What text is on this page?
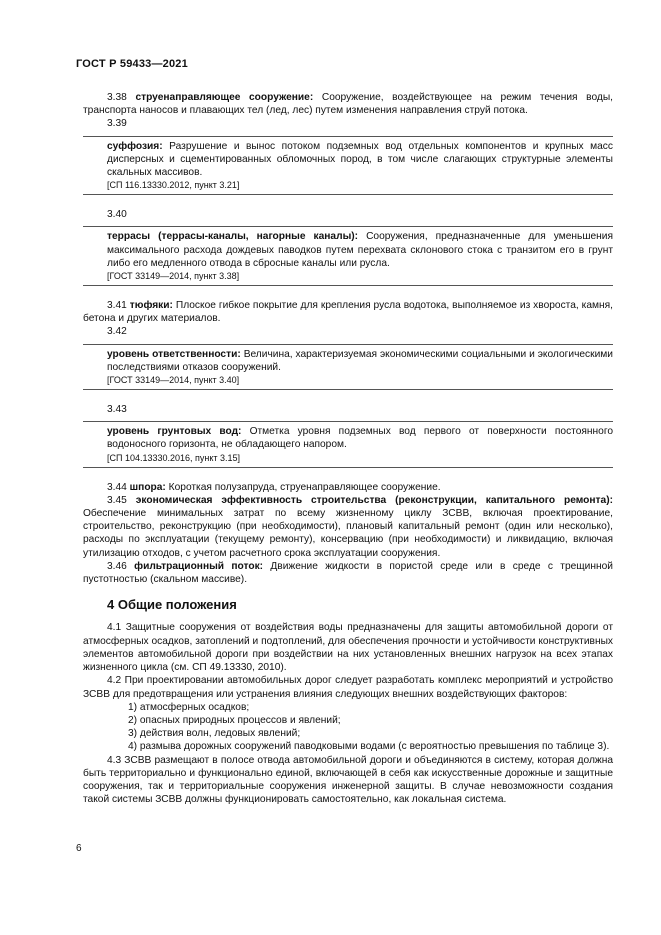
ГОСТ Р 59433—2021

3.38 струенаправляющее сооружение: Сооружение, воздействующее на режим течения воды, транспорта наносов и плавающих тел (лед, лес) путем изменения направления струй потока.

3.39

суффозия: Разрушение и вынос потоком подземных вод отдельных компонентов и крупных масс дисперсных и сцементированных обломочных пород, в том числе слагающих структурные элементы скальных массивов.

[СП 116.13330.2012, пункт 3.21]

3.40

террасы (террасы-каналы, нагорные каналы): Сооружения, предназначенные для уменьшения максимального расхода дождевых паводков путем перехвата склонового стока с транзитом его в грунт либо его медленного отвода в сбросные каналы или русла.

[ГОСТ 33149—2014, пункт 3.38]

3.41 тюфяки: Плоское гибкое покрытие для крепления русла водотока, выполняемое из хвороста, камня, бетона и других материалов.

3.42

уровень ответственности: Величина, характеризуемая экономическими социальными и экологическими последствиями отказов сооружений.

[ГОСТ 33149—2014, пункт 3.40]

3.43

уровень грунтовых вод: Отметка уровня подземных вод первого от поверхности постоянного водоносного горизонта, не обладающего напором.

[СП 104.13330.2016, пункт 3.15]

3.44 шпора: Короткая полузапруда, струенаправляющее сооружение.

3.45 экономическая эффективность строительства (реконструкции, капитального ремонта): Обеспечение минимальных затрат по всему жизненному циклу ЗСВВ, включая проектирование, строительство, реконструкцию (при необходимости), плановый капитальный ремонт (один или несколько), расходы по эксплуатации (текущему ремонту), консервацию (при необходимости) и ликвидацию, включая утилизацию отходов, с учетом расчетного срока эксплуатации сооружения.

3.46 фильтрационный поток: Движение жидкости в пористой среде или в среде с трещинной пустотностью (скальном массиве).

4 Общие положения

4.1 Защитные сооружения от воздействия воды предназначены для защиты автомобильной дороги от атмосферных осадков, затоплений и подтоплений, для обеспечения прочности и устойчивости конструктивных элементов автомобильной дороги при воздействии на них установленных внешних нагрузок на всех этапах жизненного цикла (см. СП 49.13330, 2010).

4.2 При проектировании автомобильных дорог следует разработать комплекс мероприятий и устройство ЗСВВ для предотвращения или устранения влияния следующих внешних воздействующих факторов:

1) атмосферных осадков;

2) опасных природных процессов и явлений;

3) действия волн, ледовых явлений;

4) размыва дорожных сооружений паводковыми водами (с вероятностью превышения по таблице 3).

4.3 ЗСВВ размещают в полосе отвода автомобильной дороги и объединяются в систему, которая должна быть территориально и функционально единой, включающей в себя как искусственные дорожные и защитные сооружения, так и территориальные сооружения инженерной защиты. В случае невозможности создания такой системы ЗСВВ должны функционировать самостоятельно, как локальная система.

6
